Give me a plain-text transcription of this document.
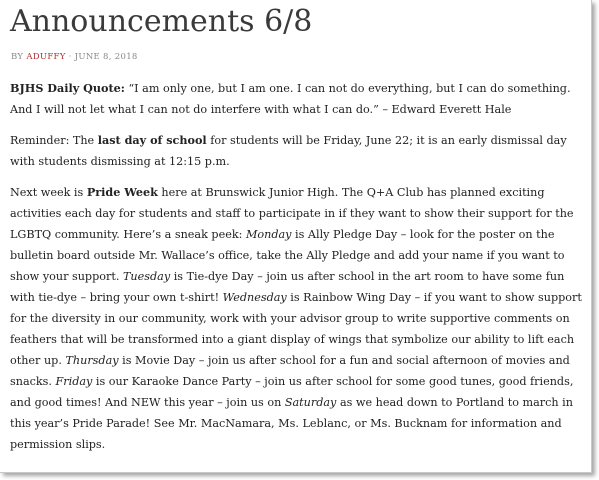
Announcements 6/8
BY ADUFFY · JUNE 8, 2018

BJHS Daily Quote: “I am only one, but I am one. I can not do everything, but I can do something. And I will not let what I can not do interfere with what I can do.” – Edward Everett Hale

Reminder: The last day of school for students will be Friday, June 22; it is an early dismissal day with students dismissing at 12:15 p.m.

Next week is Pride Week here at Brunswick Junior High. The Q+A Club has planned exciting activities each day for students and staff to participate in if they want to show their support for the LGBTQ community. Here’s a sneak peek: Monday is Ally Pledge Day – look for the poster on the bulletin board outside Mr. Wallace’s office, take the Ally Pledge and add your name if you want to show your support. Tuesday is Tie-dye Day – join us after school in the art room to have some fun with tie-dye – bring your own t-shirt! Wednesday is Rainbow Wing Day – if you want to show support for the diversity in our community, work with your advisor group to write supportive comments on feathers that will be transformed into a giant display of wings that symbolize our ability to lift each other up. Thursday is Movie Day – join us after school for a fun and social afternoon of movies and snacks. Friday is our Karaoke Dance Party – join us after school for some good tunes, good friends, and good times! And NEW this year – join us on Saturday as we head down to Portland to march in this year’s Pride Parade! See Mr. MacNamara, Ms. Leblanc, or Ms. Bucknam for information and permission slips.
